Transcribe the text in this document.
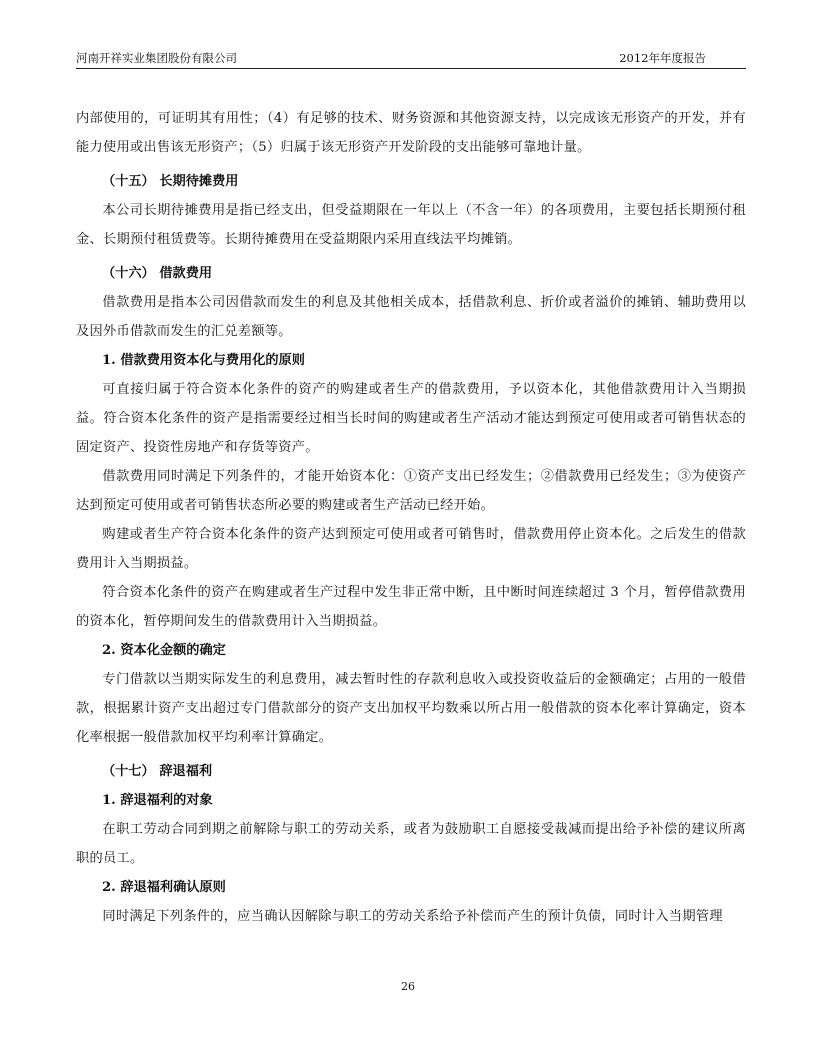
河南开祥实业集团股份有限公司	2012年年度报告

内部使用的，可证明其有用性；（4）有足够的技术、财务资源和其他资源支持，以完成该无形资产的开发，并有能力使用或出售该无形资产；（5）归属于该无形资产开发阶段的支出能够可靠地计量。

（十五） 长期待摊费用

本公司长期待摊费用是指已经支出，但受益期限在一年以上（不含一年）的各项费用，主要包括长期预付租金、长期预付租赁费等。长期待摊费用在受益期限内采用直线法平均摊销。

（十六） 借款费用

借款费用是指本公司因借款而发生的利息及其他相关成本，括借款利息、折价或者溢价的摊销、辅助费用以及因外币借款而发生的汇兑差额等。

1. 借款费用资本化与费用化的原则

可直接归属于符合资本化条件的资产的购建或者生产的借款费用，予以资本化，其他借款费用计入当期损益。符合资本化条件的资产是指需要经过相当长时间的购建或者生产活动才能达到预定可使用或者可销售状态的固定资产、投资性房地产和存货等资产。

借款费用同时满足下列条件的，才能开始资本化：①资产支出已经发生；②借款费用已经发生；③为使资产达到预定可使用或者可销售状态所必要的购建或者生产活动已经开始。

购建或者生产符合资本化条件的资产达到预定可使用或者可销售时，借款费用停止资本化。之后发生的借款费用计入当期损益。

符合资本化条件的资产在购建或者生产过程中发生非正常中断，且中断时间连续超过 3 个月，暂停借款费用的资本化，暂停期间发生的借款费用计入当期损益。

2. 资本化金额的确定

专门借款以当期实际发生的利息费用，减去暂时性的存款利息收入或投资收益后的金额确定；占用的一般借款，根据累计资产支出超过专门借款部分的资产支出加权平均数乘以所占用一般借款的资本化率计算确定，资本化率根据一般借款加权平均利率计算确定。

（十七） 辞退福利
1. 辞退福利的对象

在职工劳动合同到期之前解除与职工的劳动关系，或者为鼓励职工自愿接受裁减而提出给予补偿的建议所离职的员工。

2. 辞退福利确认原则

同时满足下列条件的，应当确认因解除与职工的劳动关系给予补偿而产生的预计负债，同时计入当期管理

26
